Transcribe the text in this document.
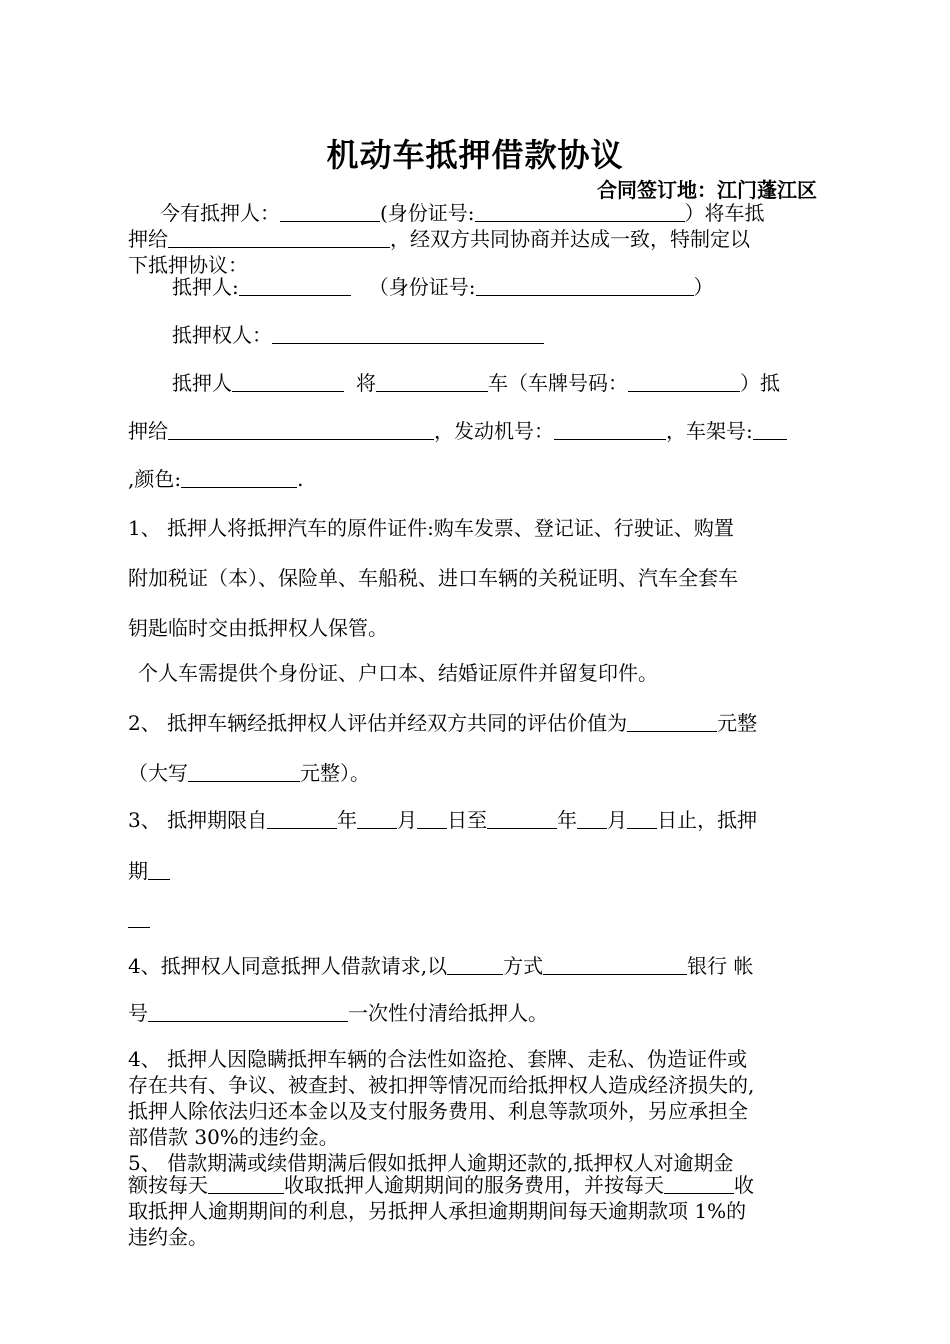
机动车抵押借款协议
合同签订地：江门蓬江区
今有抵押人：	(身份证号:	）将车抵
押给	，经双方共同协商并达成一致，特制定以
下抵押协议：
抵押人:	（身份证号:	）
抵押权人：
抵押人	将	车（车牌号码：	）抵
押给	，发动机号：	，车架号:
,颜色:	.
1、 抵押人将抵押汽车的原件证件:购车发票、登记证、行驶证、购置
附加税证（本）、保险单、车船税、进口车辆的关税证明、汽车全套车
钥匙临时交由抵押权人保管。
个人车需提供个身份证、户口本、结婚证原件并留复印件。
2、 抵押车辆经抵押权人评估并经双方共同的评估价值为	元整
（大写	元整）。
3、 抵押期限自	年 月 日至	年 月 日止，抵押
期
4、抵押权人同意抵押人借款请求,以	方式	银行 帐
号	一次性付清给抵押人。
4、 抵押人因隐瞒抵押车辆的合法性如盗抢、套牌、走私、伪造证件或
存在共有、争议、被查封、被扣押等情况而给抵押权人造成经济损失的,
抵押人除依法归还本金以及支付服务费用、利息等款项外，另应承担全
部借款 30%的违约金。
5、 借款期满或续借期满后假如抵押人逾期还款的,抵押权人对逾期金
额按每天	收取抵押人逾期期间的服务费用，并按每天	收
取抵押人逾期期间的利息，另抵押人承担逾期期间每天逾期款项 1%的
违约金。
